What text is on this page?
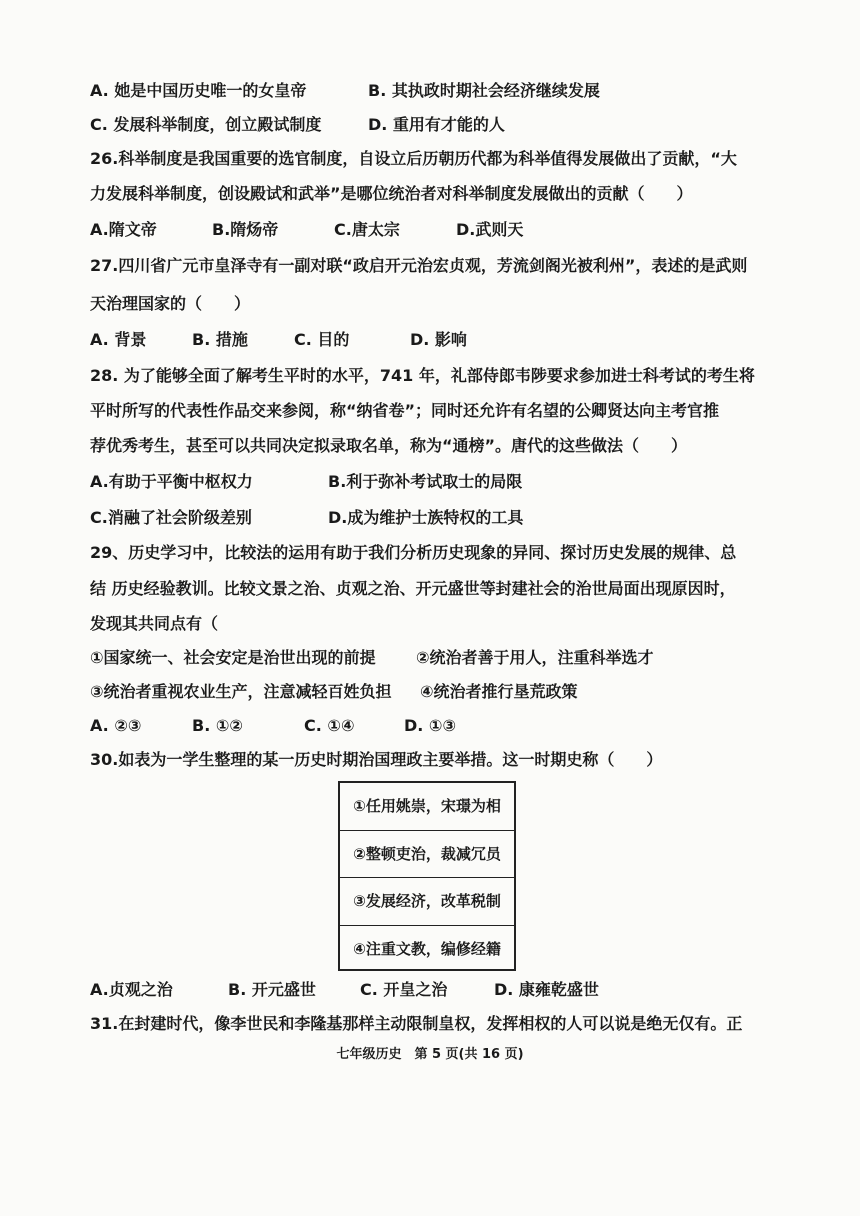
A. 她是中国历史唯一的女皇帝	B. 其执政时期社会经济继续发展
C. 发展科举制度，创立殿试制度	D. 重用有才能的人
26.科举制度是我国重要的选官制度，自设立后历朝历代都为科举值得发展做出了贡献，“大
力发展科举制度，创设殿试和武举”是哪位统治者对科举制度发展做出的贡献（　　）
A.隋文帝	B.隋炀帝	C.唐太宗	D.武则天
27.四川省广元市皇泽寺有一副对联“政启开元治宏贞观，芳流剑阁光被利州”，表述的是武则
天治理国家的（　　）
A. 背景	B. 措施	C. 目的	D. 影响
28. 为了能够全面了解考生平时的水平，741 年，礼部侍郎韦陟要求参加进士科考试的考生将
平时所写的代表性作品交来参阅，称“纳省卷”；同时还允许有名望的公卿贤达向主考官推
荐优秀考生，甚至可以共同决定拟录取名单，称为“通榜”。唐代的这些做法（　　）
A.有助于平衡中枢权力	B.利于弥补考试取士的局限
C.消融了社会阶级差别	D.成为维护士族特权的工具
29、历史学习中，比较法的运用有助于我们分析历史现象的异同、探讨历史发展的规律、总
结 历史经验教训。比较文景之治、贞观之治、开元盛世等封建社会的治世局面出现原因时，
发现其共同点有（
①国家统一、社会安定是治世出现的前提	②统治者善于用人，注重科举选才
③统治者重视农业生产，注意减轻百姓负担	④统治者推行垦荒政策
A. ②③	B. ①②	C. ①④	D. ①③
30.如表为一学生整理的某一历史时期治国理政主要举措。这一时期史称（　　）
①任用姚崇，宋璟为相
②整顿吏治，裁减冗员
③发展经济，改革税制
④注重文教，编修经籍
A.贞观之治	B. 开元盛世	C. 开皇之治	D. 康雍乾盛世
31.在封建时代，像李世民和李隆基那样主动限制皇权，发挥相权的人可以说是绝无仅有。正
七年级历史　第 5 页(共 16 页)
